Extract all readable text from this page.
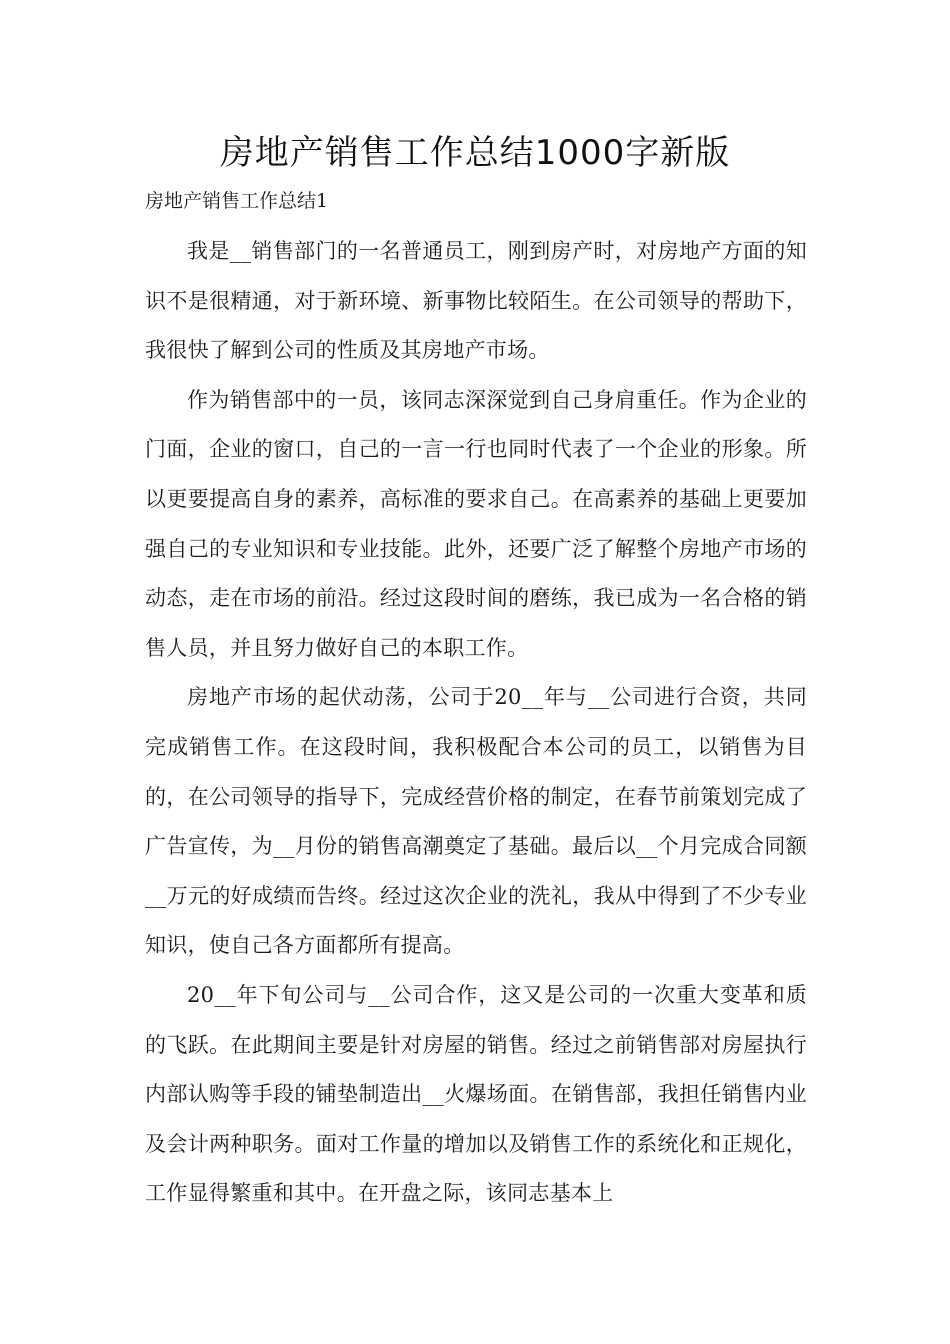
房地产销售工作总结1000字新版
房地产销售工作总结1

我是__销售部门的一名普通员工，刚到房产时，对房地产方面的知识不是很精通，对于新环境、新事物比较陌生。在公司领导的帮助下，我很快了解到公司的性质及其房地产市场。

作为销售部中的一员，该同志深深觉到自己身肩重任。作为企业的门面，企业的窗口，自己的一言一行也同时代表了一个企业的形象。所以更要提高自身的素养，高标准的要求自己。在高素养的基础上更要加强自己的专业知识和专业技能。此外，还要广泛了解整个房地产市场的动态，走在市场的前沿。经过这段时间的磨练，我已成为一名合格的销售人员，并且努力做好自己的本职工作。

房地产市场的起伏动荡，公司于20__年与__公司进行合资，共同完成销售工作。在这段时间，我积极配合本公司的员工，以销售为目的，在公司领导的指导下，完成经营价格的制定，在春节前策划完成了广告宣传，为__月份的销售高潮奠定了基础。最后以__个月完成合同额__万元的好成绩而告终。经过这次企业的洗礼，我从中得到了不少专业知识，使自己各方面都所有提高。

20__年下旬公司与__公司合作，这又是公司的一次重大变革和质的飞跃。在此期间主要是针对房屋的销售。经过之前销售部对房屋执行内部认购等手段的铺垫制造出__火爆场面。在销售部，我担任销售内业及会计两种职务。面对工作量的增加以及销售工作的系统化和正规化，工作显得繁重和其中。在开盘之际，该同志基本上
